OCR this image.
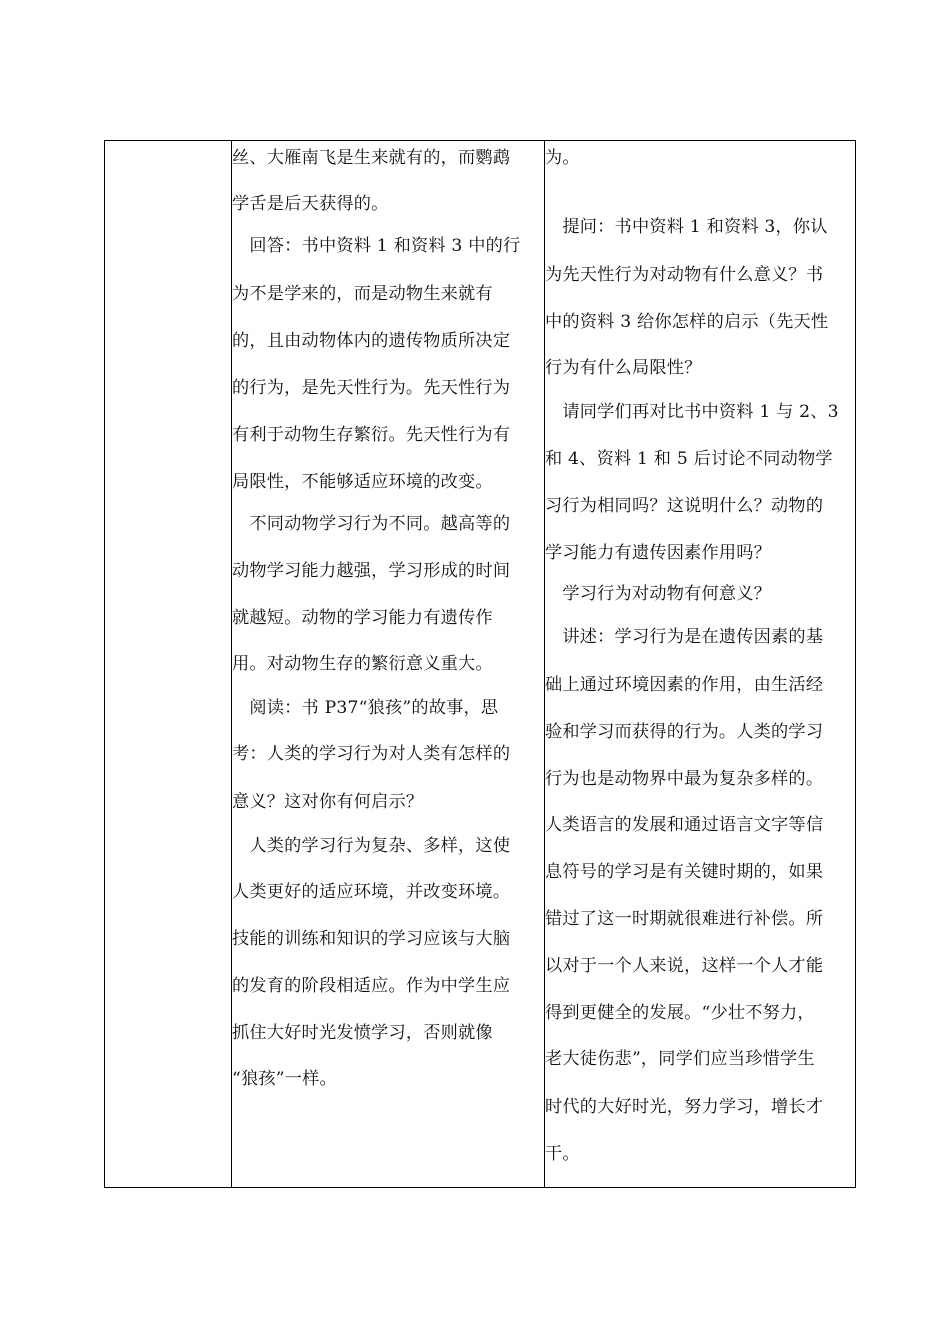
丝、大雁南飞是生来就有的，而鹦鹉
学舌是后天获得的。
　回答：书中资料 1 和资料 3 中的行
为不是学来的，而是动物生来就有
的，且由动物体内的遗传物质所决定
的行为，是先天性行为。先天性行为
有利于动物生存繁衍。先天性行为有
局限性，不能够适应环境的改变。
　不同动物学习行为不同。越高等的
动物学习能力越强，学习形成的时间
就越短。动物的学习能力有遗传作
用。对动物生存的繁衍意义重大。
　阅读：书 P37“狼孩”的故事，思
考：人类的学习行为对人类有怎样的
意义？这对你有何启示？
　人类的学习行为复杂、多样，这使
人类更好的适应环境，并改变环境。
技能的训练和知识的学习应该与大脑
的发育的阶段相适应。作为中学生应
抓住大好时光发愤学习，否则就像
“狼孩”一样。
为。
　提问：书中资料 1 和资料 3，你认
为先天性行为对动物有什么意义？书
中的资料 3 给你怎样的启示（先天性
行为有什么局限性？
　请同学们再对比书中资料 1 与 2、3
和 4、资料 1 和 5 后讨论不同动物学
习行为相同吗？这说明什么？动物的
学习能力有遗传因素作用吗？
　学习行为对动物有何意义？
　讲述：学习行为是在遗传因素的基
础上通过环境因素的作用，由生活经
验和学习而获得的行为。人类的学习
行为也是动物界中最为复杂多样的。
人类语言的发展和通过语言文字等信
息符号的学习是有关键时期的，如果
错过了这一时期就很难进行补偿。所
以对于一个人来说，这样一个人才能
得到更健全的发展。“少壮不努力，
老大徒伤悲”，同学们应当珍惜学生
时代的大好时光，努力学习，增长才
干。
